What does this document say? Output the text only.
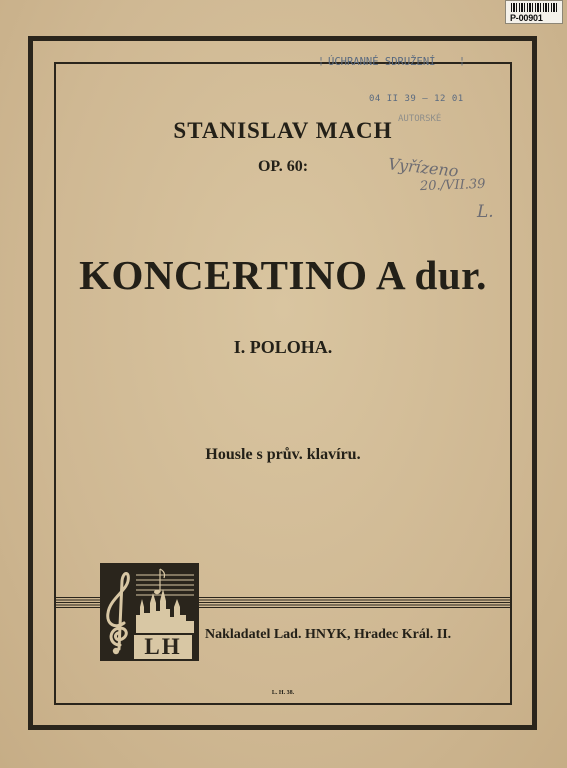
P-00901
¦ ÚCHRANNÉ SDRUŽENÍ ¦
04 II 39 — 12 01
AUTORSKÉ
Vyřízeno
20./VII.39
L.
STANISLAV MACH
OP. 60:
KONCERTINO A dur.
I. POLOHA.
Housle s prův. klavíru.
LH	Nakladatel Lad. HNYK, Hradec Král. II.
L. H. 38.
